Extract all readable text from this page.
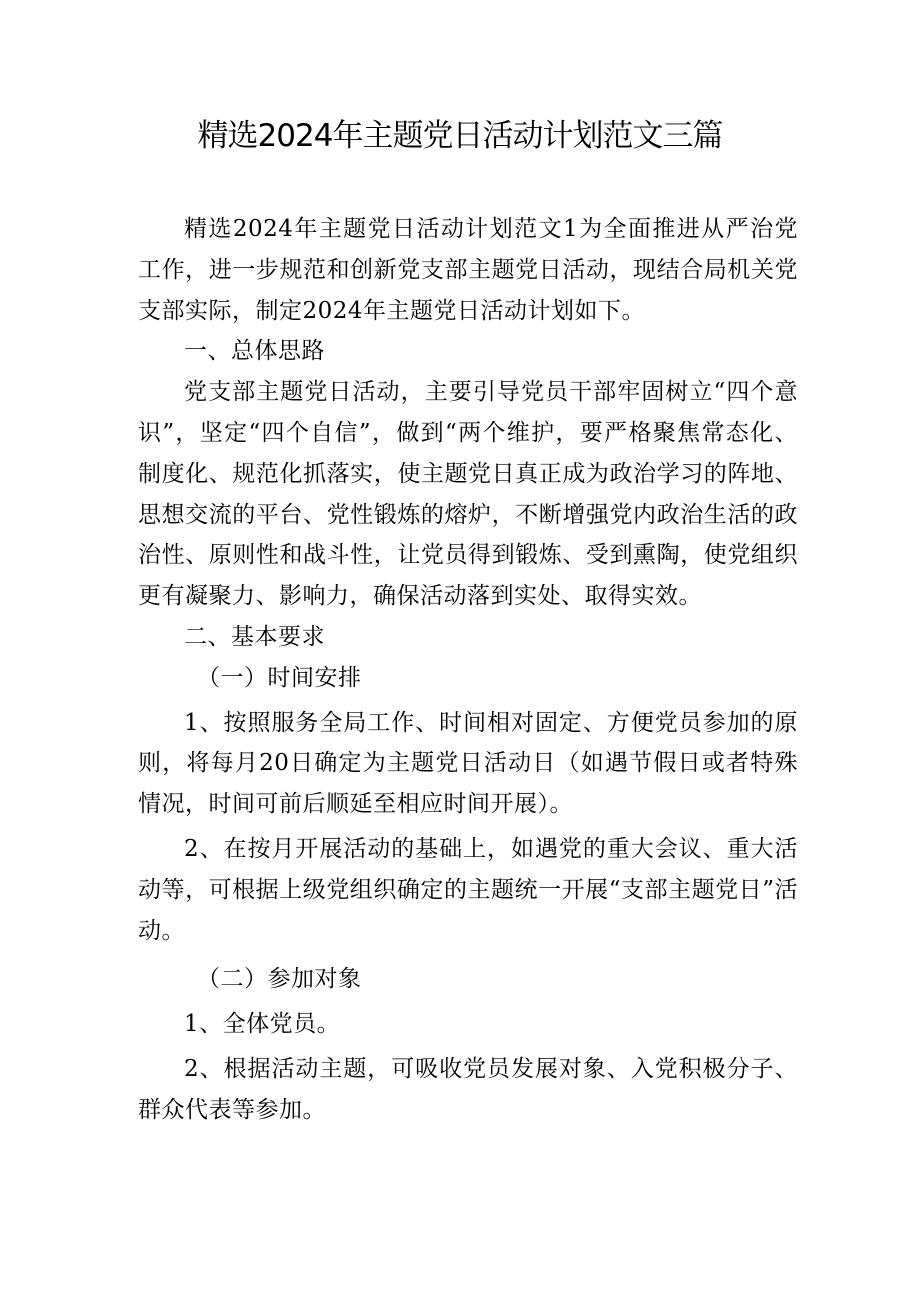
精选2024年主题党日活动计划范文三篇

精选2024年主题党日活动计划范文1为全面推进从严治党工作，进一步规范和创新党支部主题党日活动，现结合局机关党支部实际，制定2024年主题党日活动计划如下。

一、总体思路

党支部主题党日活动，主要引导党员干部牢固树立“四个意识”，坚定“四个自信”，做到“两个维护，要严格聚焦常态化、制度化、规范化抓落实，使主题党日真正成为政治学习的阵地、思想交流的平台、党性锻炼的熔炉，不断增强党内政治生活的政治性、原则性和战斗性，让党员得到锻炼、受到熏陶，使党组织更有凝聚力、影响力，确保活动落到实处、取得实效。

二、基本要求

（一）时间安排

1、按照服务全局工作、时间相对固定、方便党员参加的原则，将每月20日确定为主题党日活动日（如遇节假日或者特殊情况，时间可前后顺延至相应时间开展）。

2、在按月开展活动的基础上，如遇党的重大会议、重大活动等，可根据上级党组织确定的主题统一开展“支部主题党日”活动。

（二）参加对象

1、全体党员。

2、根据活动主题，可吸收党员发展对象、入党积极分子、群众代表等参加。
